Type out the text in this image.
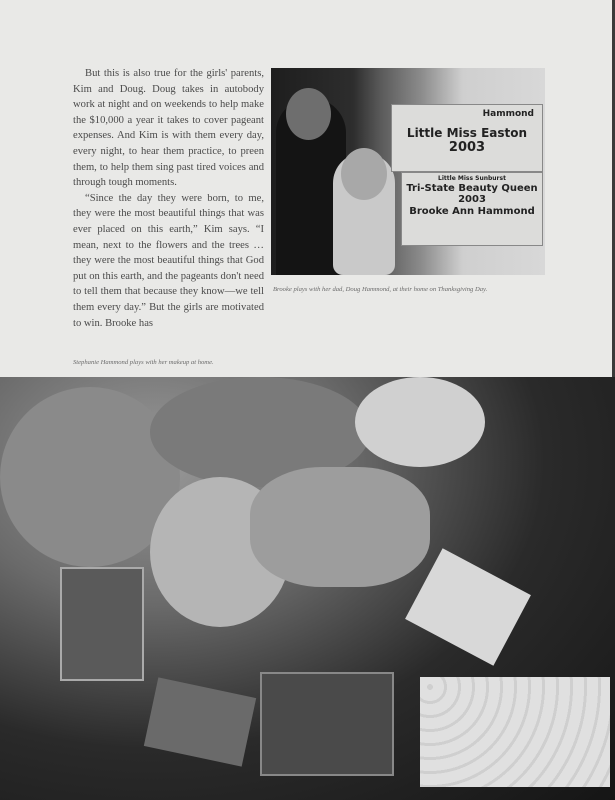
But this is also true for the girls' parents, Kim and Doug. Doug takes in autobody work at night and on weekends to help make the $10,000 a year it takes to cover pageant expenses. And Kim is with them every day, every night, to hear them practice, to preen them, to help them sing past tired voices and through tough moments.

“Since the day they were born, to me, they were the most beautiful things that was ever placed on this earth,” Kim says. “I mean, next to the flowers and the trees … they were the most beautiful things that God put on this earth, and the pageants don't need to tell them that because they know—we tell them every day.” But the girls are motivated to win. Brooke has

Hammond
Little Miss Easton
2003
Little Miss Sunburst
Tri-State Beauty Queen
2003
Brooke Ann Hammond
Brooke plays with her dad, Doug Hammond, at their home on Thanksgiving Day.
Stephanie Hammond plays with her makeup at home.
